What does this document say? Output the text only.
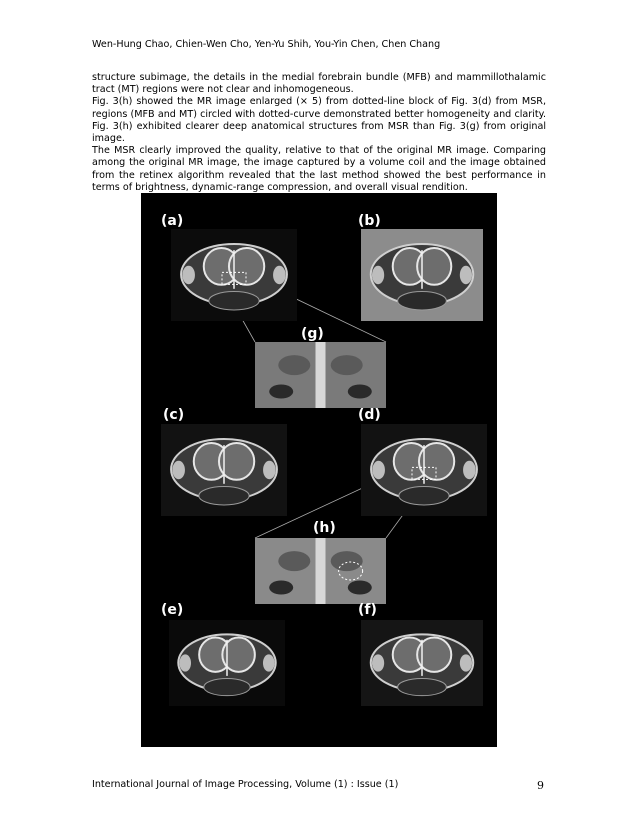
Wen-Hung Chao, Chien-Wen Cho, Yen-Yu Shih, You-Yin Chen, Chen Chang

structure subimage, the details in the medial forebrain bundle (MFB) and mammillothalamic tract (MT) regions were not clear and inhomogeneous.

Fig. 3(h) showed the MR image enlarged (× 5) from dotted-line block of Fig. 3(d) from MSR, regions (MFB and MT) circled with dotted-curve demonstrated better homogeneity and clarity. Fig. 3(h) exhibited clearer deep anatomical structures from MSR than Fig. 3(g) from original image.

The MSR clearly improved the quality, relative to that of the original MR image. Comparing among the original MR image, the image captured by a volume coil and the image obtained from the retinex algorithm revealed that the last method showed the best performance in terms of brightness, dynamic-range compression, and overall visual rendition.

(a)	(b)
(g)
(c)	(d)
(h)
(e)	(f)
International Journal of Image Processing, Volume (1) : Issue (1)	9
